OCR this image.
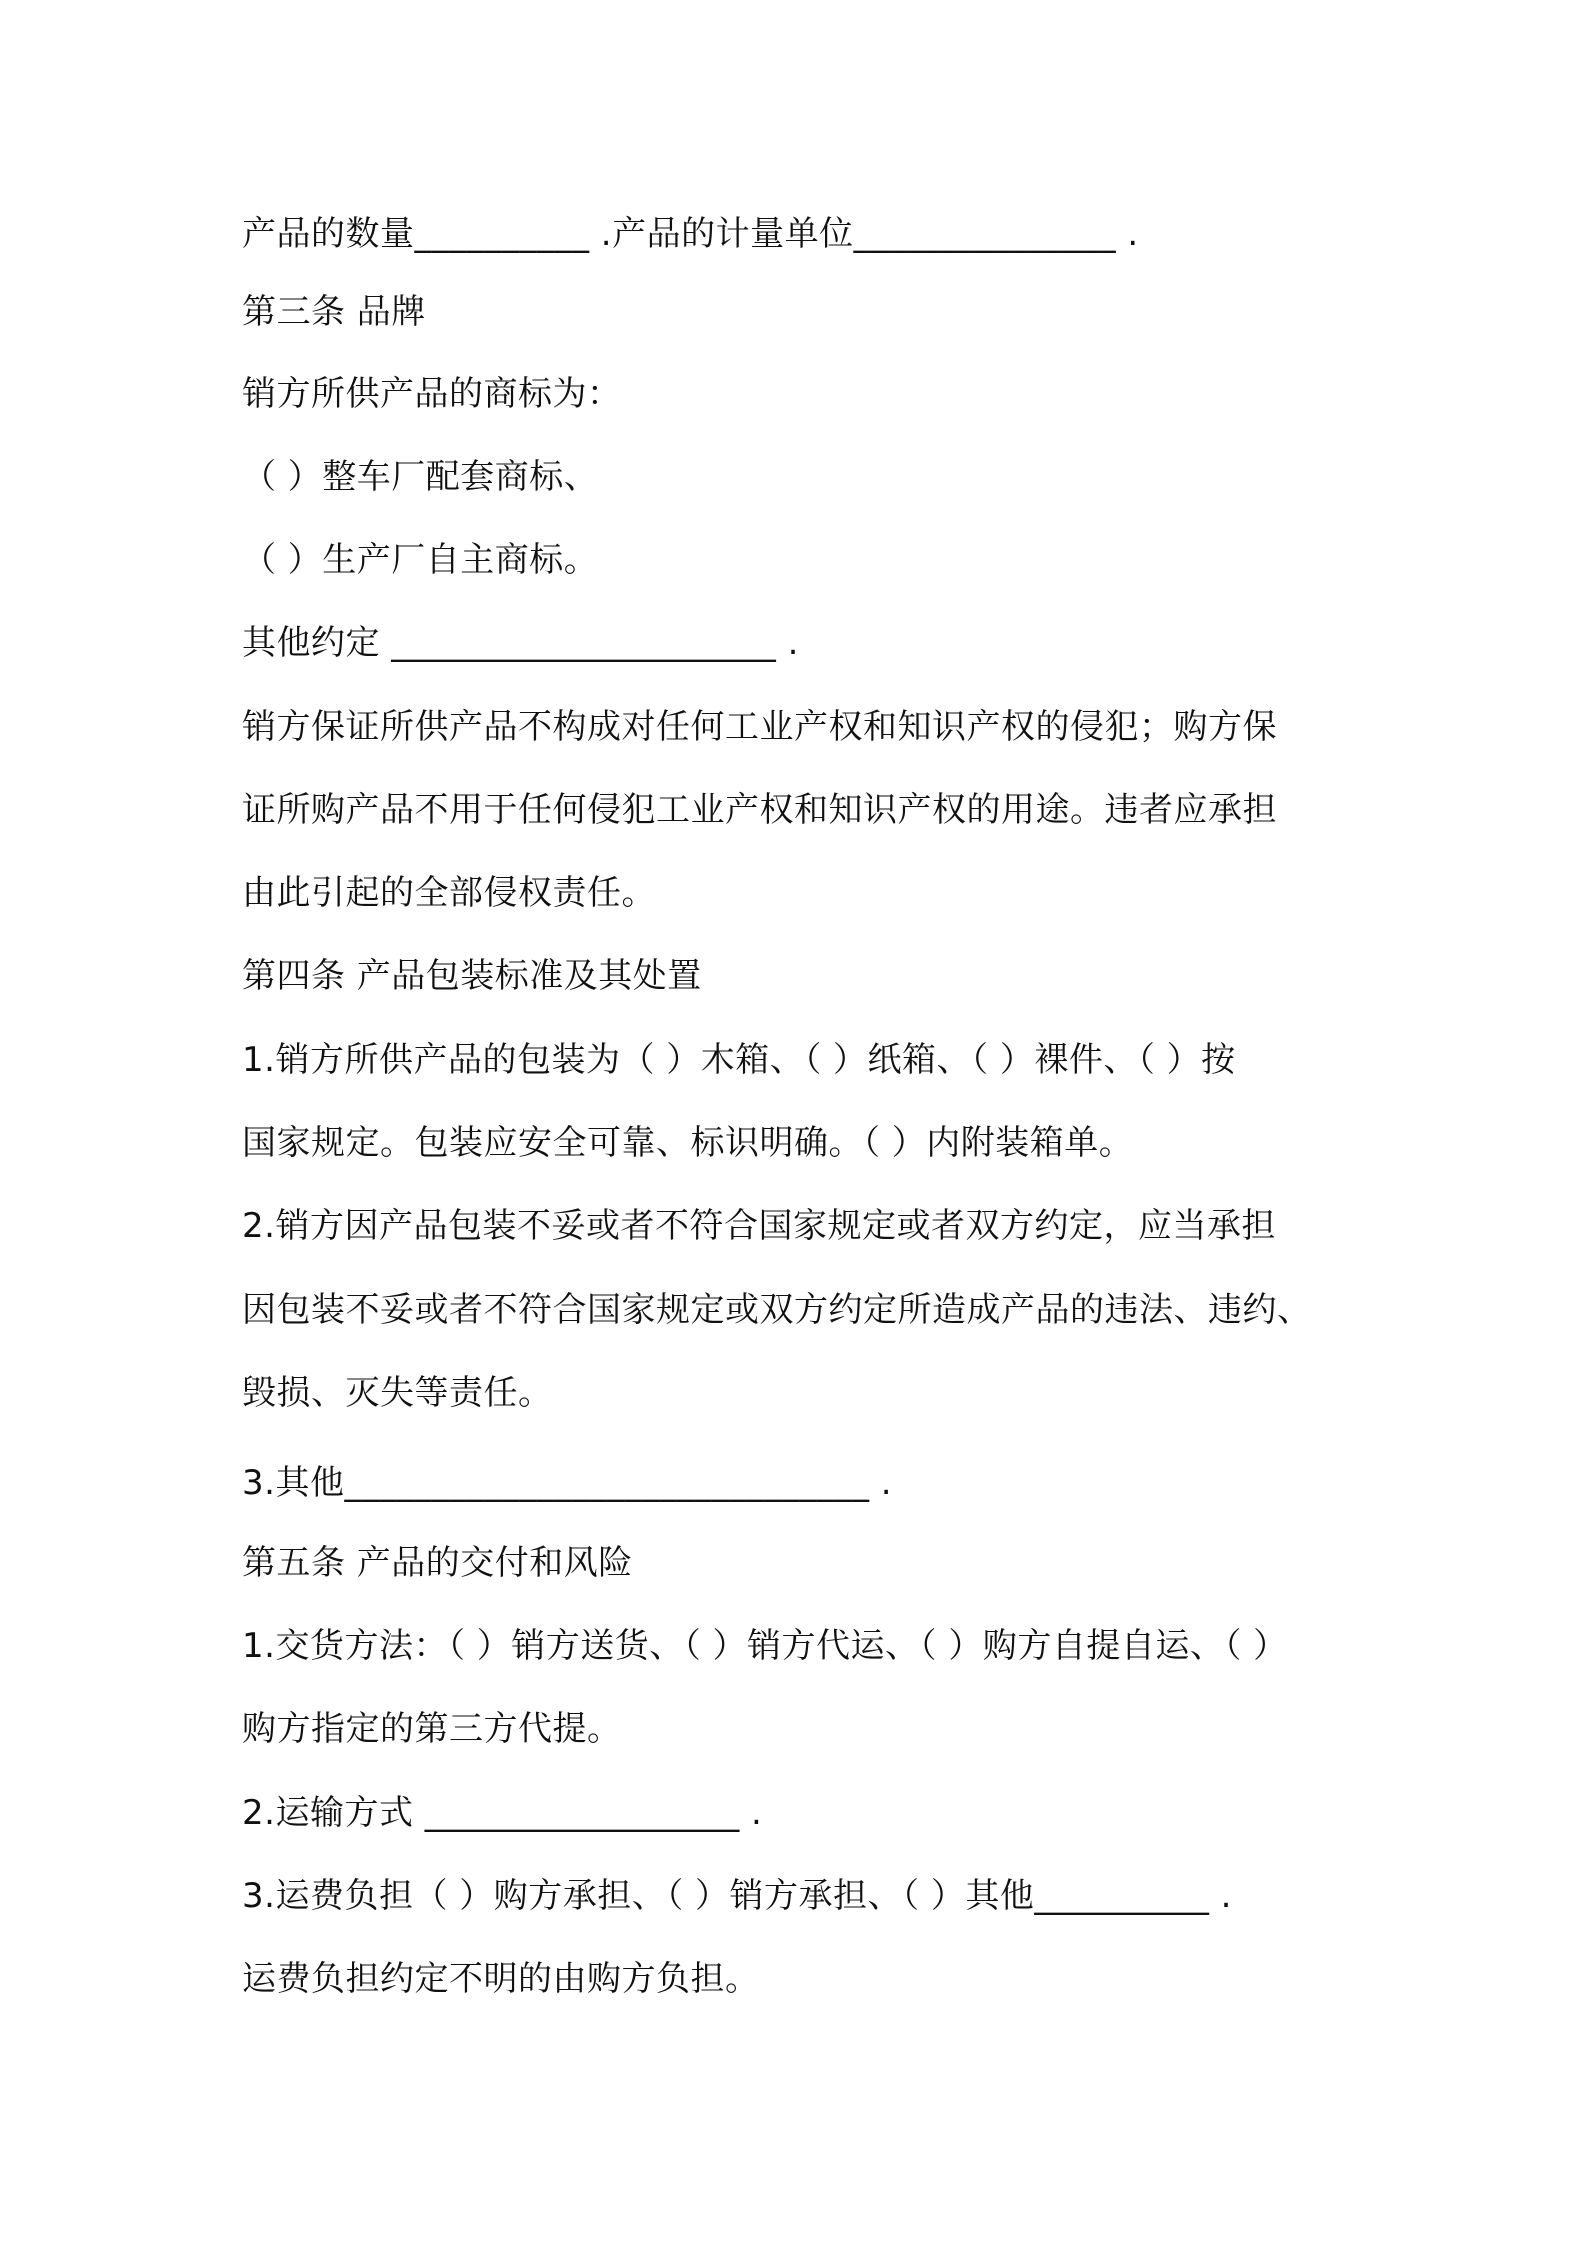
产品的数量__________ .产品的计量单位_______________ .
第三条 品牌
销方所供产品的商标为：
（ ）整车厂配套商标、
（ ）生产厂自主商标。
其他约定 ______________________ .
销方保证所供产品不构成对任何工业产权和知识产权的侵犯；购方保
证所购产品不用于任何侵犯工业产权和知识产权的用途。违者应承担
由此引起的全部侵权责任。
第四条 产品包装标准及其处置
1.销方所供产品的包装为（ ）木箱、（ ）纸箱、（ ）裸件、（ ）按
国家规定。包装应安全可靠、标识明确。（ ）内附装箱单。
2.销方因产品包装不妥或者不符合国家规定或者双方约定，应当承担
因包装不妥或者不符合国家规定或双方约定所造成产品的违法、违约、
毁损、灭失等责任。
3.其他______________________________ .
第五条 产品的交付和风险
1.交货方法：（ ）销方送货、（ ）销方代运、（ ）购方自提自运、（ ）
购方指定的第三方代提。
2.运输方式 __________________ .
3.运费负担（ ）购方承担、（ ）销方承担、（ ）其他__________ .
运费负担约定不明的由购方负担。
